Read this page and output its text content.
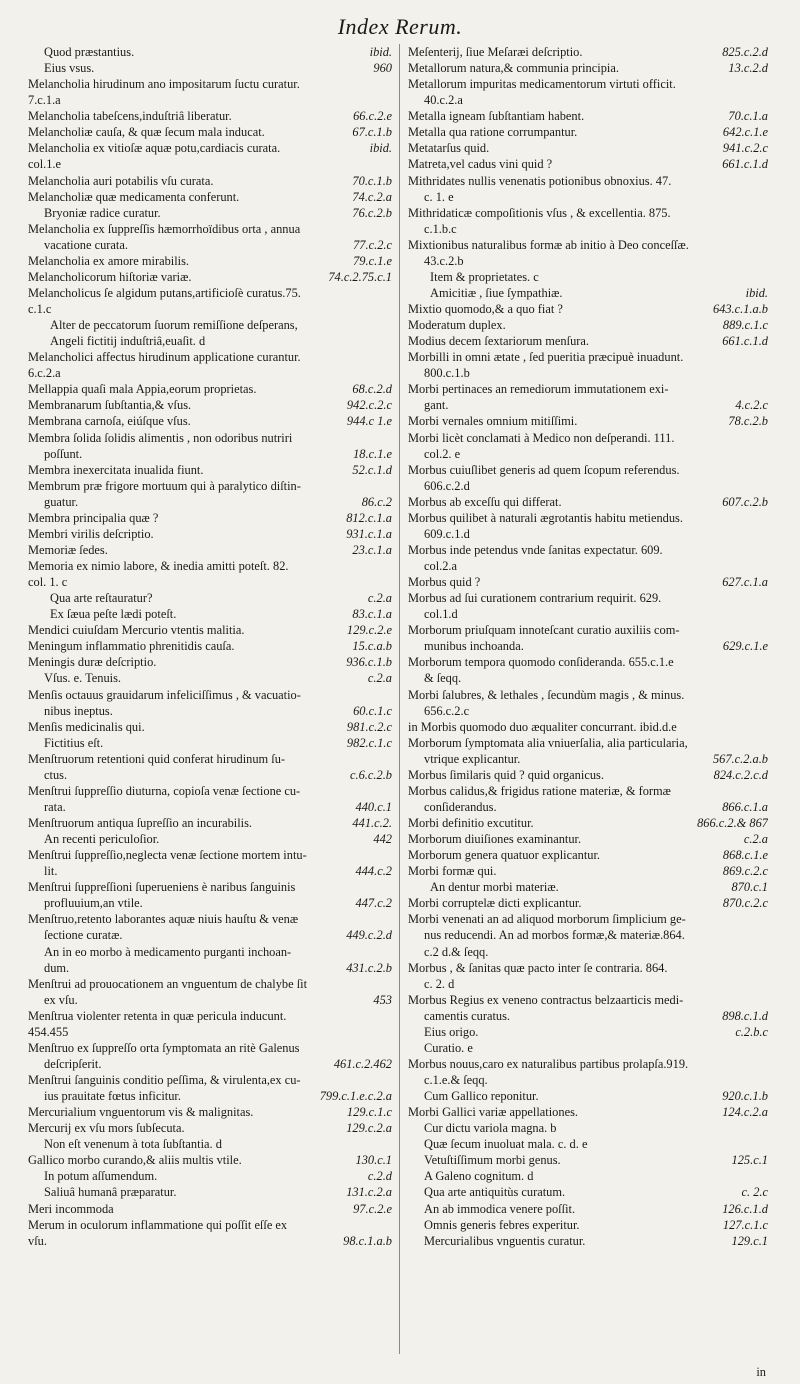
Index Rerum.
ibid.
Quod præstantius.
960
Eius vsus.
Melancholia hirudinum ano impositarum ſuctu curatur.
7.c.1.a
66.c.2.e
Melancholia tabeſcens,induſtriâ liberatur.
67.c.1.b
Melancholiæ cauſa, & quæ ſecum mala inducat.
ibid.
Melancholia ex vitioſæ aquæ potu,cardiacis curata.
col.1.e
70.c.1.b
Melancholia auri potabilis vſu curata.
74.c.2.a
Melancholiæ quæ medicamenta conferunt.
76.c.2.b
Bryoniæ radice curatur.
Melancholia ex ſuppreſſis hæmorrhoïdibus orta , annua
77.c.2.c
vacatione curata.
79.c.1.e
Melancholia ex amore mirabilis.
74.c.2.75.c.1
Melancholicorum hiſtoriæ variæ.
Melancholicus ſe algidum putans,artificioſè curatus.75.
c.1.c
Alter de peccatorum ſuorum remiſſione deſperans,
Angeli fictitij induſtriâ,euaſit. d
Melancholici affectus hirudinum applicatione curantur.
6.c.2.a
68.c.2.d
Mellappia quaſi mala Appia,eorum proprietas.
942.c.2.c
Membranarum ſubſtantia,& vſus.
944.c 1.e
Membrana carnoſa, eiúſque vſus.
Membra ſolida ſolidis alimentis , non odoribus nutriri
18.c.1.e
poſſunt.
52.c.1.d
Membra inexercitata inualida fiunt.
Membrum præ frigore mortuum qui à paralytico diſtin-
86.c.2
guatur.
812.c.1.a
Membra principalia quæ ?
931.c.1.a
Membri virilis deſcriptio.
23.c.1.a
Memoriæ ſedes.
Memoria ex nimio labore, & inedia amitti poteſt. 82.
col. 1. c
c.2.a
Qua arte reſtauratur?
83.c.1.a
Ex ſæua peſte lædi poteſt.
129.c.2.e
Mendici cuiuſdam Mercurio vtentis malitia.
15.c.a.b
Meningum inflammatio phrenitidis cauſa.
936.c.1.b
Meningis duræ deſcriptio.
c.2.a
Vſus. e. Tenuis.
Menſis octauus grauidarum infeliciſſimus , & vacuatio-
60.c.1.c
nibus ineptus.
981.c.2.c
Menſis medicinalis qui.
982.c.1.c
Fictitius eſt.
Menſtruorum retentioni quid conferat hirudinum ſu-
c.6.c.2.b
ctus.
Menſtrui ſuppreſſio diuturna, copioſa venæ ſectione cu-
440.c.1
rata.
441.c.2.
Menſtruorum antiqua ſupreſſio an incurabilis.
442
An recenti periculoſior.
Menſtrui ſuppreſſio,neglecta venæ ſectione mortem intu-
444.c.2
lit.
Menſtrui ſuppreſſioni ſuperueniens è naribus ſanguinis
447.c.2
profluuium,an vtile.
Menſtruo,retento laborantes aquæ niuis hauſtu & venæ
449.c.2.d
ſectione curatæ.
An in eo morbo à medicamento purganti inchoan-
431.c.2.b
dum.
Menſtrui ad prouocationem an vnguentum de chalybe ſit
453
ex vſu.
Menſtrua violenter retenta in quæ pericula inducunt.
454.455
Menſtruo ex ſuppreſſo orta ſymptomata an ritè Galenus
461.c.2.462
deſcripſerit.
Menſtrui ſanguinis conditio peſſima, & virulenta,ex cu-
799.c.1.e.c.2.a
ius prauitate fœtus inficitur.
129.c.1.c
Mercurialium vnguentorum vis & malignitas.
129.c.2.a
Mercurij ex vſu mors ſubſecuta.
Non eſt venenum à tota ſubſtantia. d
130.c.1
Gallico morbo curando,& aliis multis vtile.
c.2.d
In potum aſſumendum.
131.c.2.a
Saliuâ humanâ præparatur.
97.c.2.e
Meri incommoda
Merum in oculorum inflammatione qui poſſit eſſe ex
98.c.1.a.b
vſu.
825.c.2.d
Meſenterij, ſiue Meſaræi deſcriptio.
13.c.2.d
Metallorum natura,& communia principia.
Metallorum impuritas medicamentorum virtuti officit.
40.c.2.a
70.c.1.a
Metalla igneam ſubſtantiam habent.
642.c.1.e
Metalla qua ratione corrumpantur.
941.c.2.c
Metatarſus quid.
661.c.1.d
Matreta,vel cadus vini quid ?
Mithridates nullis venenatis potionibus obnoxius. 47.
c. 1. e
Mithridaticæ compoſitionis vſus , & excellentia. 875.
c.1.b.c
Mixtionibus naturalibus formæ ab initio à Deo conceſſæ.
43.c.2.b
Item & proprietates. c
ibid.
Amicitiæ , ſiue ſympathiæ.
643.c.1.a.b
Mixtio quomodo,& a quo fiat ?
889.c.1.c
Moderatum duplex.
661.c.1.d
Modius decem ſextariorum menſura.
Morbilli in omni ætate , ſed pueritia præcipuè inuadunt.
800.c.1.b
Morbi pertinaces an remediorum immutationem exi-
4.c.2.c
gant.
78.c.2.b
Morbi vernales omnium mitiſſimi.
Morbi licèt conclamati à Medico non deſperandi. 111.
col.2. e
Morbus cuiuſlibet generis ad quem ſcopum referendus.
606.c.2.d
607.c.2.b
Morbus ab exceſſu qui differat.
Morbus quilibet à naturali ægrotantis habitu metiendus.
609.c.1.d
Morbus inde petendus vnde ſanitas expectatur. 609.
col.2.a
627.c.1.a
Morbus quid ?
Morbus ad ſui curationem contrarium requirit. 629.
col.1.d
Morborum priuſquam innoteſcant curatio auxiliis com-
629.c.1.e
munibus inchoanda.
Morborum tempora quomodo conſideranda. 655.c.1.e
& ſeqq.
Morbi ſalubres, & lethales , ſecundùm magis , & minus.
656.c.2.c
in Morbis quomodo duo æqualiter concurrant. ibid.d.e
Morborum ſymptomata alia vniuerſalia, alia particularia,
567.c.2.a.b
vtrique explicantur.
824.c.2.c.d
Morbus ſimilaris quid ? quid organicus.
Morbus calidus,& frigidus ratione materiæ, & formæ
866.c.1.a
conſiderandus.
866.c.2.& 867
Morbi definitio excutitur.
c.2.a
Morborum diuiſiones examinantur.
868.c.1.e
Morborum genera quatuor explicantur.
869.c.2.c
Morbi formæ qui.
870.c.1
An dentur morbi materiæ.
870.c.2.c
Morbi corruptelæ dicti explicantur.
Morbi venenati an ad aliquod morborum ſimplicium ge-
nus reducendi. An ad morbos formæ,& materiæ.864.
c.2 d.& ſeqq.
Morbus , & ſanitas quæ pacto inter ſe contraria. 864.
c. 2. d
Morbus Regius ex veneno contractus belzaarticis medi-
898.c.1.d
camentis curatus.
c.2.b.c
Eius origo.
Curatio. e
Morbus nouus,caro ex naturalibus partibus prolapſa.919.
c.1.e.& ſeqq.
920.c.1.b
Cum Gallico reponitur.
124.c.2.a
Morbi Gallici variæ appellationes.
Cur dictu variola magna. b
Quæ ſecum inuoluat mala. c. d. e
125.c.1
Vetuſtiſſimum morbi genus.
A Galeno cognitum. d
c. 2.c
Qua arte antiquitùs curatum.
126.c.1.d
An ab immodica venere poſſit.
127.c.1.c
Omnis generis febres experitur.
129.c.1
Mercurialibus vnguentis curatur.
in
